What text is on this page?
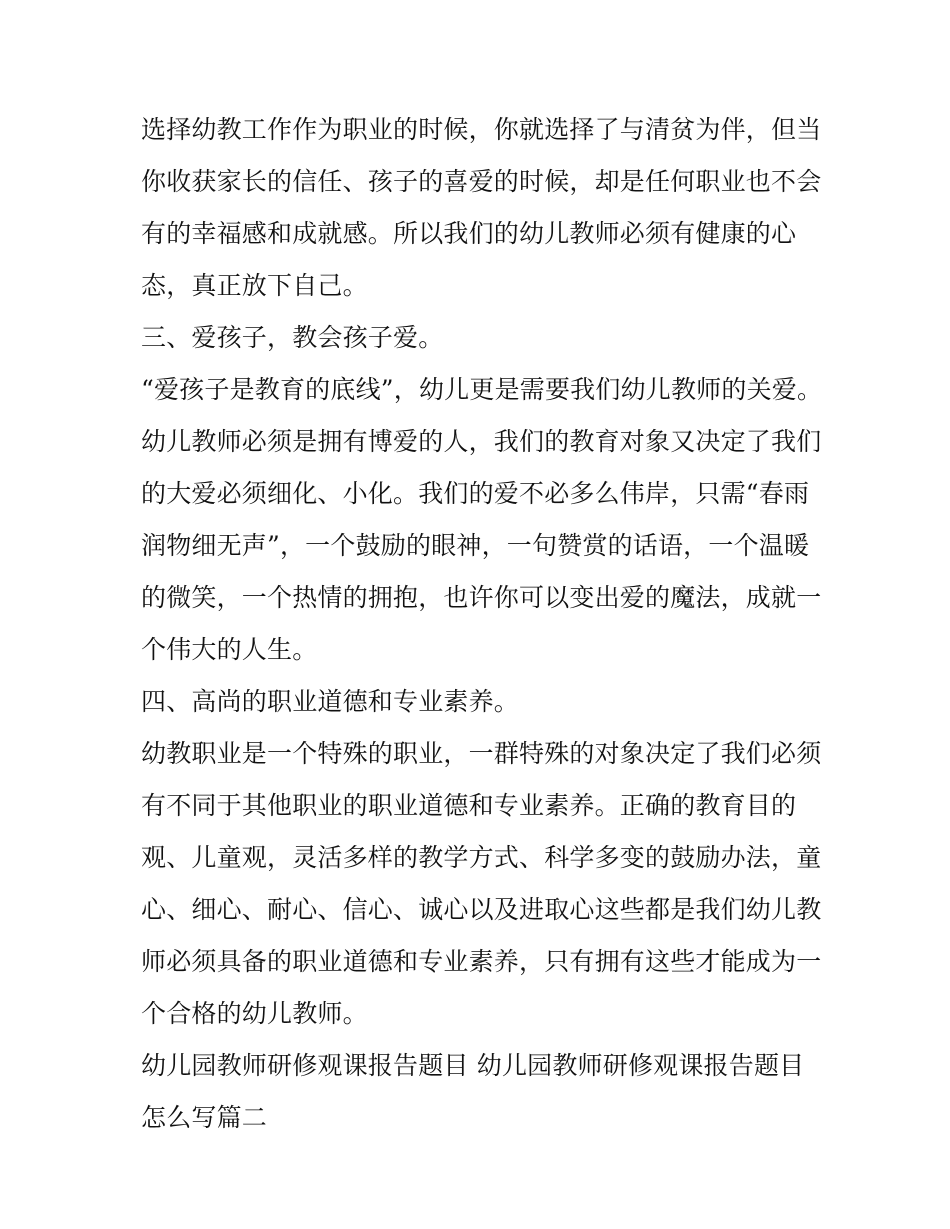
选择幼教工作作为职业的时候，你就选择了与清贫为伴，但当
你收获家长的信任、孩子的喜爱的时候，却是任何职业也不会
有的幸福感和成就感。所以我们的幼儿教师必须有健康的心
态，真正放下自己。
三、爱孩子，教会孩子爱。
“爱孩子是教育的底线”，幼儿更是需要我们幼儿教师的关爱。
幼儿教师必须是拥有博爱的人，我们的教育对象又决定了我们
的大爱必须细化、小化。我们的爱不必多么伟岸，只需“春雨
润物细无声”，一个鼓励的眼神，一句赞赏的话语，一个温暖
的微笑，一个热情的拥抱，也许你可以变出爱的魔法，成就一
个伟大的人生。
四、高尚的职业道德和专业素养。
幼教职业是一个特殊的职业，一群特殊的对象决定了我们必须
有不同于其他职业的职业道德和专业素养。正确的教育目的
观、儿童观，灵活多样的教学方式、科学多变的鼓励办法，童
心、细心、耐心、信心、诚心以及进取心这些都是我们幼儿教
师必须具备的职业道德和专业素养，只有拥有这些才能成为一
个合格的幼儿教师。
幼儿园教师研修观课报告题目 幼儿园教师研修观课报告题目
怎么写篇二
